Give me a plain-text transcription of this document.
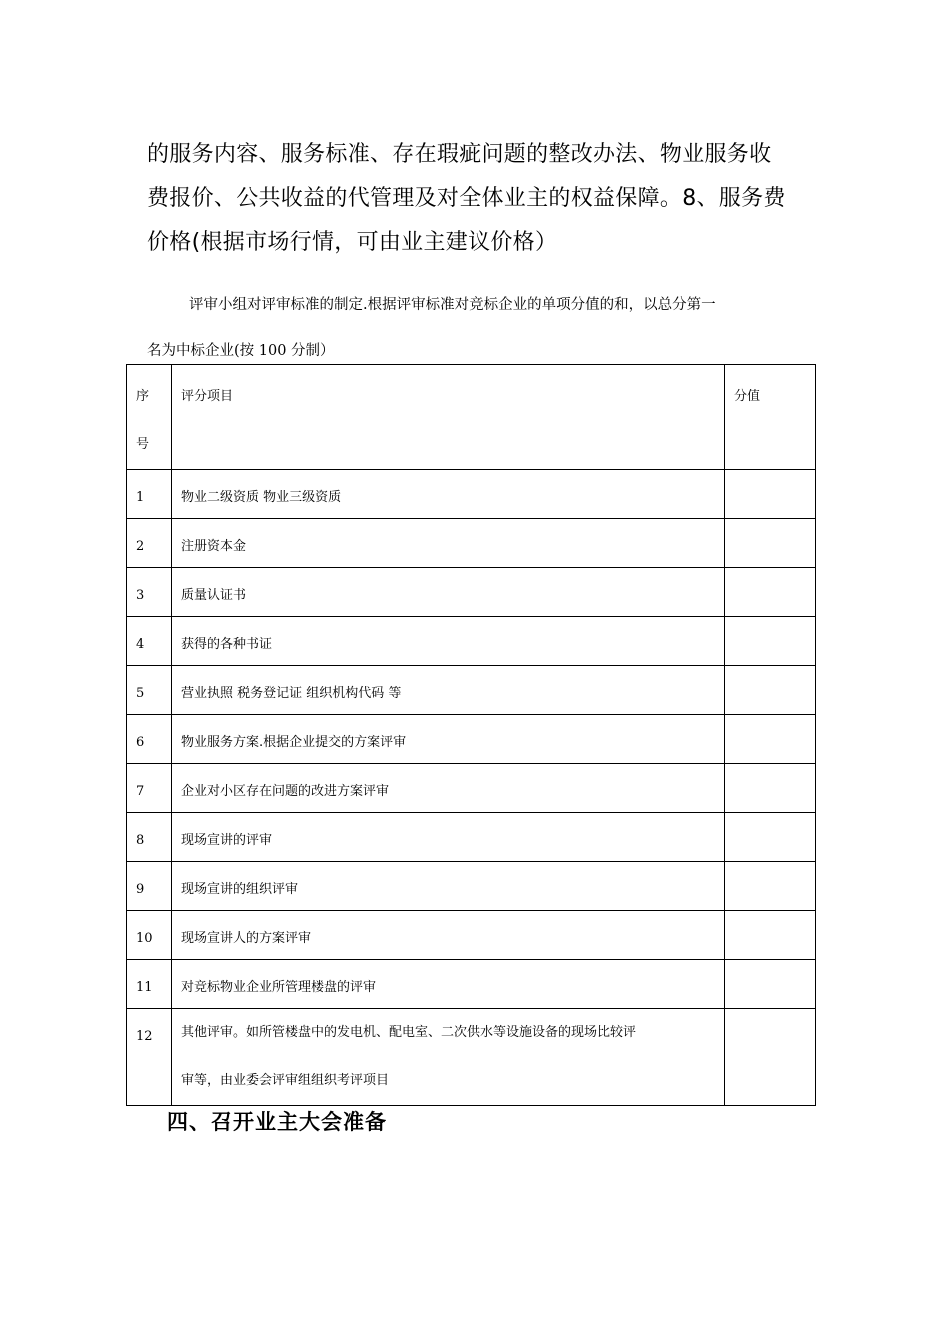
的服务内容、服务标准、存在瑕疵问题的整改办法、物业服务收
费报价、公共收益的代管理及对全体业主的权益保障。8、服务费
价格(根据市场行情，可由业主建议价格）
评审小组对评审标准的制定.根据评审标准对竞标企业的单项分值的和，以总分第一
名为中标企业(按 100 分制）
序
号	评分项目	分值
1	物业二级资质 物业三级资质	
2	注册资本金	
3	质量认证书	
4	获得的各种书证	
5	营业执照 税务登记证 组织机构代码 等	
6	物业服务方案.根据企业提交的方案评审	
7	企业对小区存在问题的改进方案评审	
8	现场宣讲的评审	
9	现场宣讲的组织评审	
10	现场宣讲人的方案评审	
11	对竞标物业企业所管理楼盘的评审	
12	其他评审。如所管楼盘中的发电机、配电室、二次供水等设施设备的现场比较评
审等，由业委会评审组组织考评项目	

四、召开业主大会准备
